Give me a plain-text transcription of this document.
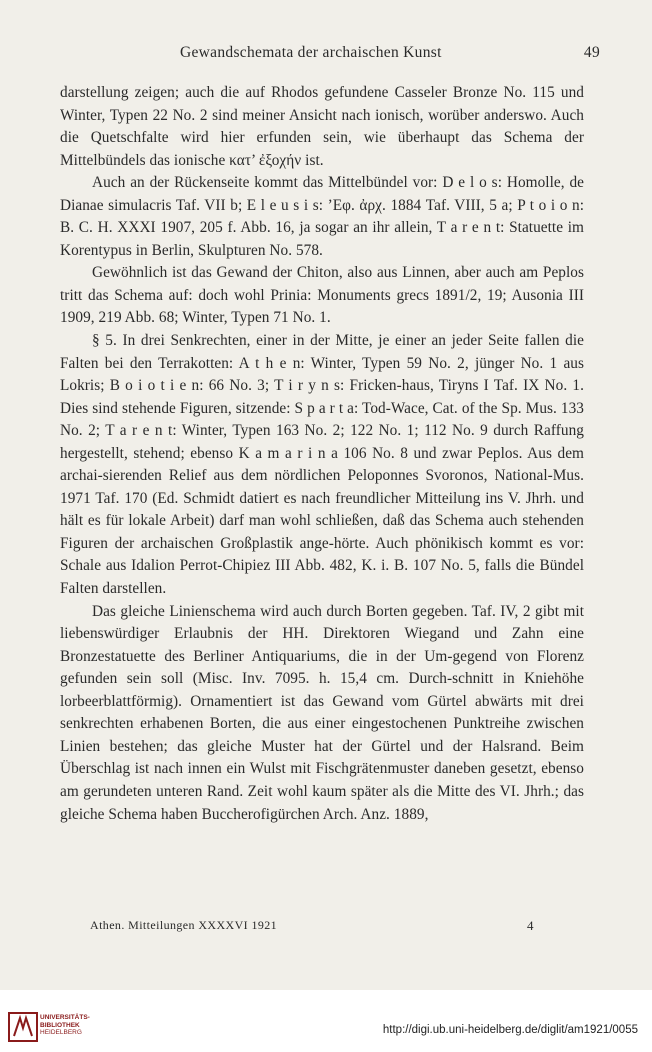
Gewandschemata der archaischen Kunst	49

darstellung zeigen; auch die auf Rhodos gefundene Casseler Bronze No. 115 und Winter, Typen 22 No. 2 sind meiner Ansicht nach ionisch, worüber anderswo. Auch die Quetschfalte wird hier erfunden sein, wie überhaupt das Schema der Mittelbündels das ionische κατ’ ἐξοχήν ist.

Auch an der Rückenseite kommt das Mittelbündel vor: D e l o s: Homolle, de Dianae simulacris Taf. VII b; E l e u s i s: ’Εφ. ἀρχ. 1884 Taf. VIII, 5 a; P t o i o n: B. C. H. XXXI 1907, 205 f. Abb. 16, ja sogar an ihr allein, T a r e n t: Statuette im Korentypus in Berlin, Skulpturen No. 578.

Gewöhnlich ist das Gewand der Chiton, also aus Linnen, aber auch am Peplos tritt das Schema auf: doch wohl Prinia: Monuments grecs 1891/2, 19; Ausonia III 1909, 219 Abb. 68; Winter, Typen 71 No. 1.

§ 5. In drei Senkrechten, einer in der Mitte, je einer an jeder Seite fallen die Falten bei den Terrakotten: A t h e n: Winter, Typen 59 No. 2, jünger No. 1 aus Lokris; B o i o t i e n: 66 No. 3; T i r y n s: Fricken-haus, Tiryns I Taf. IX No. 1. Dies sind stehende Figuren, sitzende: S p a r t a: Tod-Wace, Cat. of the Sp. Mus. 133 No. 2; T a r e n t: Winter, Typen 163 No. 2; 122 No. 1; 112 No. 9 durch Raffung hergestellt, stehend; ebenso K a m a r i n a 106 No. 8 und zwar Peplos. Aus dem archai-sierenden Relief aus dem nördlichen Peloponnes Svoronos, National-Mus. 1971 Taf. 170 (Ed. Schmidt datiert es nach freundlicher Mitteilung ins V. Jhrh. und hält es für lokale Arbeit) darf man wohl schließen, daß das Schema auch stehenden Figuren der archaischen Großplastik ange-hörte. Auch phönikisch kommt es vor: Schale aus Idalion Perrot-Chipiez III Abb. 482, K. i. B. 107 No. 5, falls die Bündel Falten darstellen.

Das gleiche Linienschema wird auch durch Borten gegeben. Taf. IV, 2 gibt mit liebenswürdiger Erlaubnis der HH. Direktoren Wiegand und Zahn eine Bronzestatuette des Berliner Antiquariums, die in der Um-gegend von Florenz gefunden sein soll (Misc. Inv. 7095. h. 15,4 cm. Durch-schnitt in Kniehöhe lorbeerblattförmig). Ornamentiert ist das Gewand vom Gürtel abwärts mit drei senkrechten erhabenen Borten, die aus einer eingestochenen Punktreihe zwischen Linien bestehen; das gleiche Muster hat der Gürtel und der Halsrand. Beim Überschlag ist nach innen ein Wulst mit Fischgrätenmuster daneben gesetzt, ebenso am gerundeten unteren Rand. Zeit wohl kaum später als die Mitte des VI. Jhrh.; das gleiche Schema haben Buccherofigürchen Arch. Anz. 1889,

Athen. Mitteilungen XXXXVI 1921	4
UNIVERSITÄTS-
BIBLIOTHEK
HEIDELBERG	http://digi.ub.uni-heidelberg.de/diglit/am1921/0055
